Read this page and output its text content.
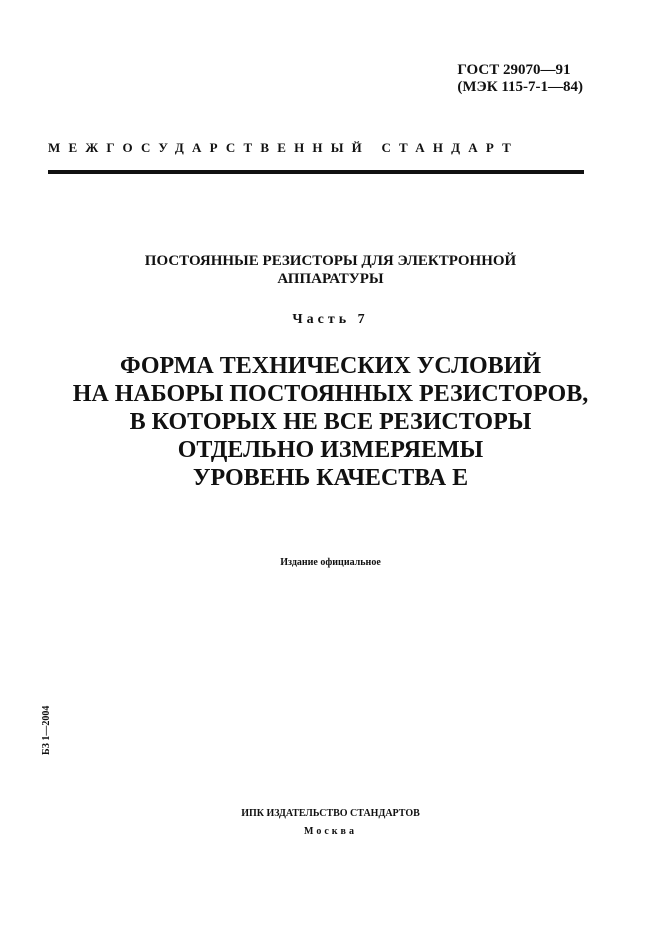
ГОСТ 29070—91
(МЭК 115-7-1—84)
МЕЖГОСУДАРСТВЕННЫЙ СТАНДАРТ
ПОСТОЯННЫЕ РЕЗИСТОРЫ ДЛЯ ЭЛЕКТРОННОЙ
АППАРАТУРЫ
Часть 7
ФОРМА ТЕХНИЧЕСКИХ УСЛОВИЙ
НА НАБОРЫ ПОСТОЯННЫХ РЕЗИСТОРОВ,
В КОТОРЫХ НЕ ВСЕ РЕЗИСТОРЫ
ОТДЕЛЬНО ИЗМЕРЯЕМЫ
УРОВЕНЬ КАЧЕСТВА Е
Издание официальное
БЗ 1—2004
ИПК ИЗДАТЕЛЬСТВО СТАНДАРТОВ
Москва
